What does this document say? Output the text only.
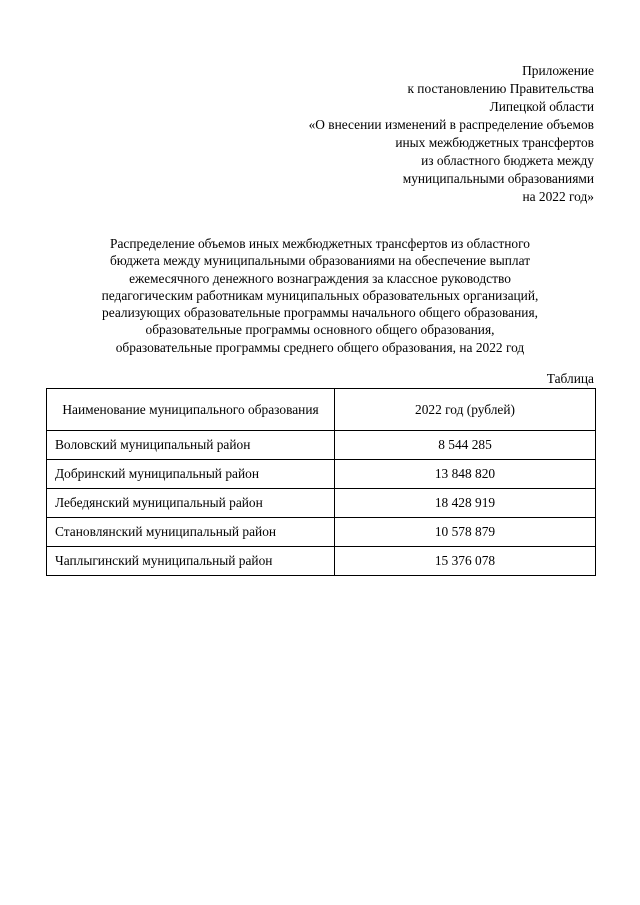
Приложение
к постановлению Правительства
Липецкой области
«О внесении изменений в распределение объемов
иных межбюджетных трансфертов
из областного бюджета между
муниципальными образованиями
на 2022 год»
Распределение объемов иных межбюджетных трансфертов из областного
бюджета между муниципальными образованиями на обеспечение выплат
ежемесячного денежного вознаграждения за классное руководство
педагогическим работникам муниципальных образовательных организаций,
реализующих образовательные программы начального общего образования,
образовательные программы основного общего образования,
образовательные программы среднего общего образования, на 2022 год
Таблица
Наименование муниципального образования	2022 год (рублей)
Воловский муниципальный район	8 544 285
Добринский муниципальный район	13 848 820
Лебедянский муниципальный район	18 428 919
Становлянский муниципальный район	10 578 879
Чаплыгинский муниципальный район	15 376 078
